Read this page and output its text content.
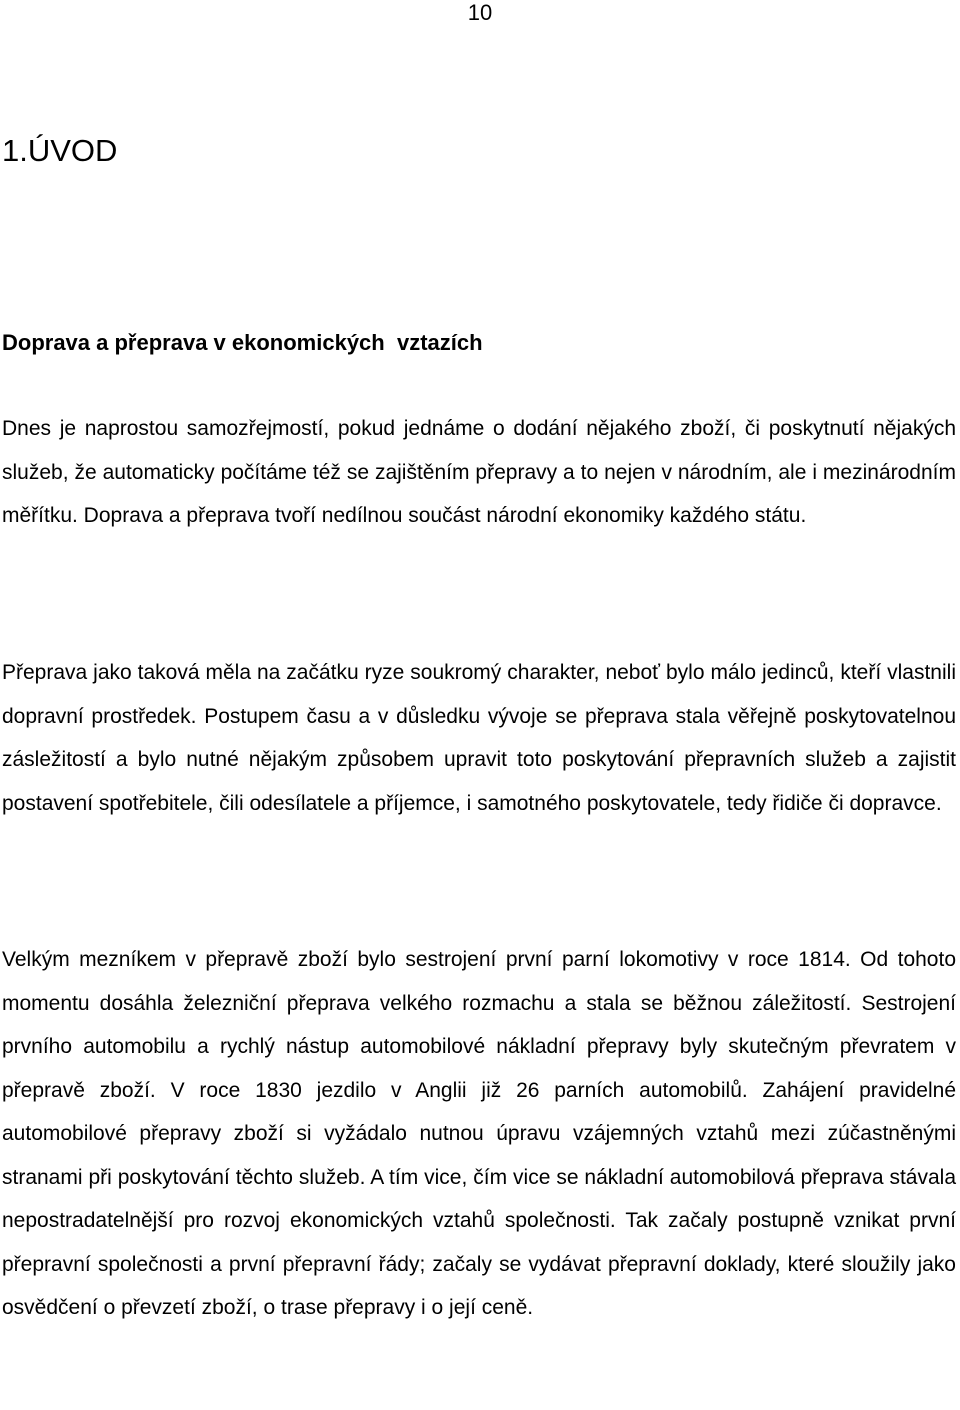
10
1.ÚVOD
Doprava a přeprava v ekonomických  vztazích

Dnes je naprostou samozřejmostí, pokud jednáme o dodání nějakého zboží, či poskytnutí nějakých služeb, že automaticky počítáme též se zajištěním přepravy a to nejen v národním, ale i mezinárodním měřítku. Doprava a přeprava tvoří nedílnou součást národní ekonomiky každého státu.

Přeprava jako taková měla na začátku ryze soukromý charakter, neboť bylo málo jedinců, kteří vlastnili dopravní prostředek. Postupem času a v důsledku vývoje se přeprava stala věřejně poskytovatelnou zásležitostí a bylo nutné nějakým způsobem upravit toto poskytování přepravních služeb a zajistit postavení spotřebitele, čili odesílatele a příjemce, i samotného poskytovatele, tedy řidiče či dopravce.

Velkým mezníkem v přepravě zboží bylo sestrojení první parní lokomotivy v roce 1814. Od tohoto momentu dosáhla železniční přeprava velkého rozmachu a stala se běžnou záležitostí. Sestrojení prvního automobilu a rychlý nástup automobilové nákladní přepravy byly skutečným převratem v přepravě zboží. V roce 1830 jezdilo v Anglii již 26 parních automobilů. Zahájení pravidelné automobilové přepravy zboží si vyžádalo nutnou úpravu vzájemných vztahů mezi zúčastněnými stranami při poskytování těchto služeb. A tím vice, čím vice se nákladní automobilová přeprava stávala nepostradatelnější pro rozvoj ekonomických vztahů společnosti. Tak začaly postupně vznikat první přepravní společnosti a první přepravní řády; začaly se vydávat přepravní doklady, které sloužily jako osvědčení o převzetí zboží, o trase přepravy i o její ceně.
